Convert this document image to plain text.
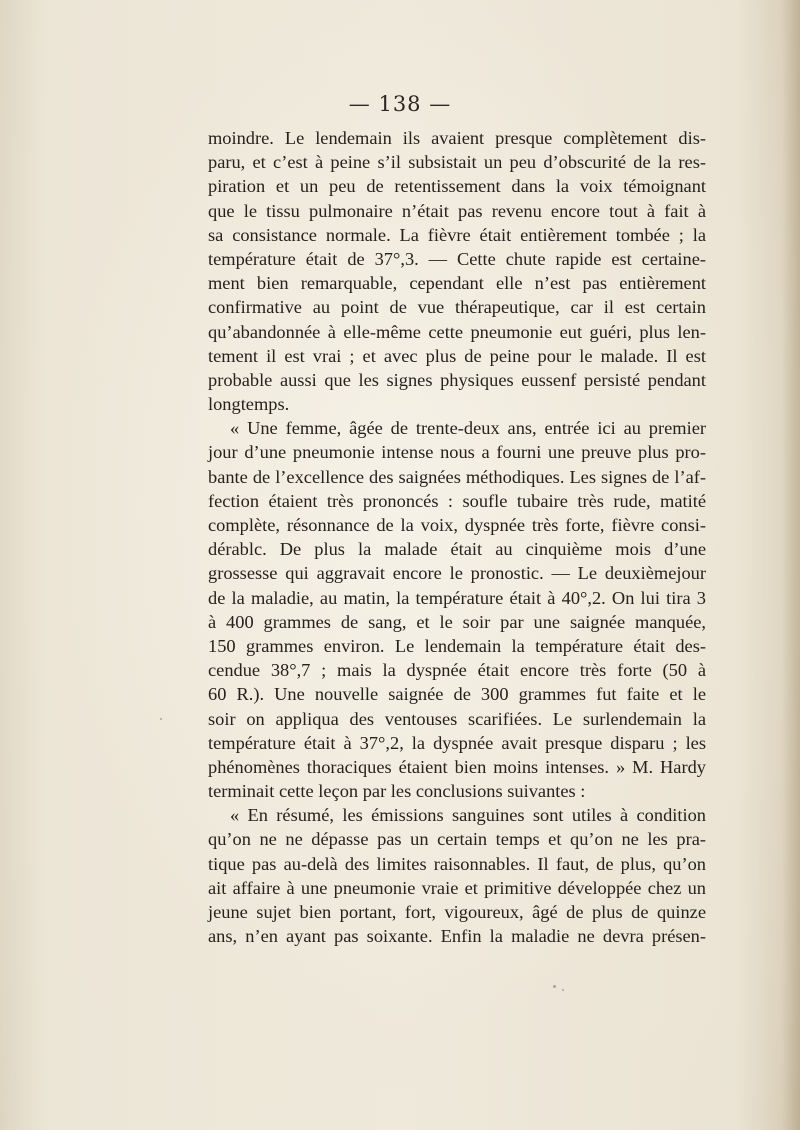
— 138 —
moindre. Le lendemain ils avaient presque complètement dis-
paru, et c’est à peine s’il subsistait un peu d’obscurité de la res-
piration et un peu de retentissement dans la voix témoignant
que le tissu pulmonaire n’était pas revenu encore tout à fait à
sa consistance normale. La fièvre était entièrement tombée ; la
température était de 37°,3. — Cette chute rapide est certaine-
ment bien remarquable, cependant elle n’est pas entièrement
confirmative au point de vue thérapeutique, car il est certain
qu’abandonnée à elle-même cette pneumonie eut guéri, plus len-
tement il est vrai ; et avec plus de peine pour le malade. Il est
probable aussi que les signes physiques eussenf persisté pendant
longtemps.
« Une femme, âgée de trente-deux ans, entrée ici au premier
jour d’une pneumonie intense nous a fourni une preuve plus pro-
bante de l’excellence des saignées méthodiques. Les signes de l’af-
fection étaient très prononcés : soufle tubaire très rude, matité
complète, résonnance de la voix, dyspnée très forte, fièvre consi-
dérablc. De plus la malade était au cinquième mois d’une
grossesse qui aggravait encore le pronostic. — Le deuxièmejour
de la maladie, au matin, la température était à 40°,2. On lui tira 3
à 400 grammes de sang, et le soir par une saignée manquée,
150 grammes environ. Le lendemain la température était des-
cendue 38°,7 ; mais la dyspnée était encore très forte (50 à
60 R.). Une nouvelle saignée de 300 grammes fut faite et le
soir on appliqua des ventouses scarifiées. Le surlendemain la
température était à 37°,2, la dyspnée avait presque disparu ; les
phénomènes thoraciques étaient bien moins intenses. » M. Hardy
terminait cette leçon par les conclusions suivantes :
« En résumé, les émissions sanguines sont utiles à condition
qu’on ne ne dépasse pas un certain temps et qu’on ne les pra-
tique pas au-delà des limites raisonnables. Il faut, de plus, qu’on
ait affaire à une pneumonie vraie et primitive développée chez un
jeune sujet bien portant, fort, vigoureux, âgé de plus de quinze
ans, n’en ayant pas soixante. Enfin la maladie ne devra présen-
